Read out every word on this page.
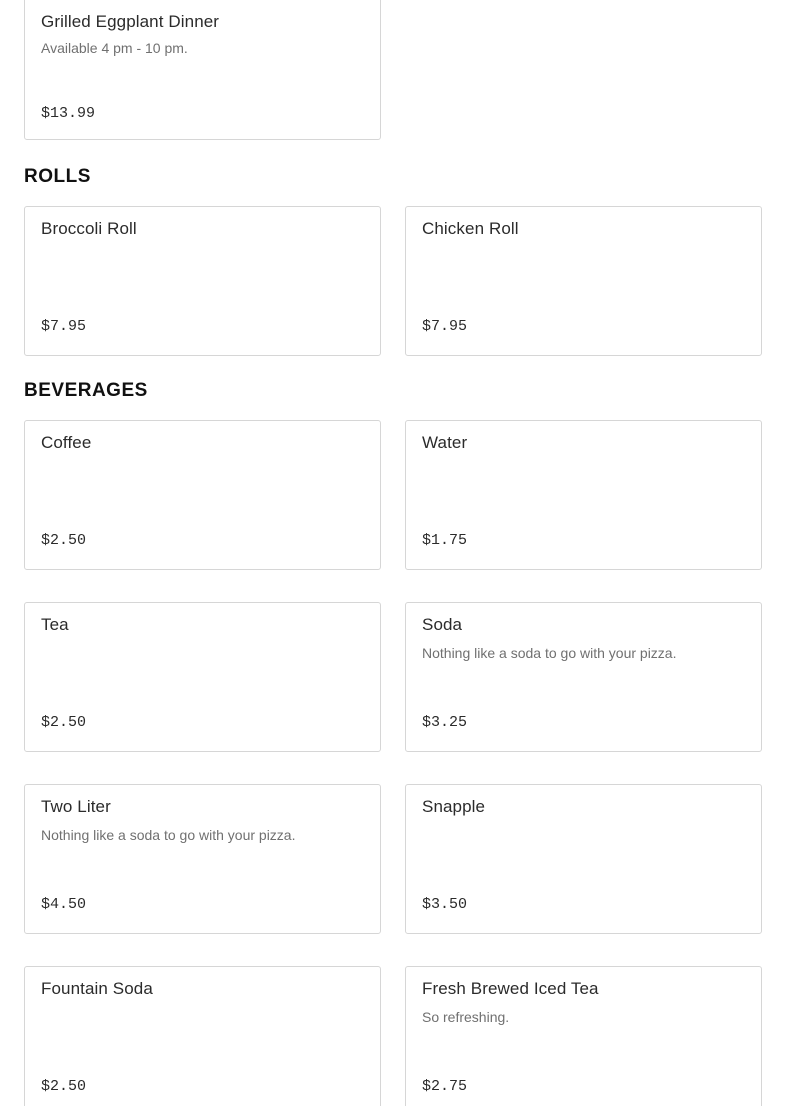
Grilled Eggplant Dinner
Available 4 pm - 10 pm.
$13.99
ROLLS
Broccoli Roll
$7.95
Chicken Roll
$7.95
BEVERAGES
Coffee
$2.50
Water
$1.75
Tea
$2.50
Soda
Nothing like a soda to go with your pizza.
$3.25
Two Liter
Nothing like a soda to go with your pizza.
$4.50
Snapple
$3.50
Fountain Soda
$2.50
Fresh Brewed Iced Tea
So refreshing.
$2.75
